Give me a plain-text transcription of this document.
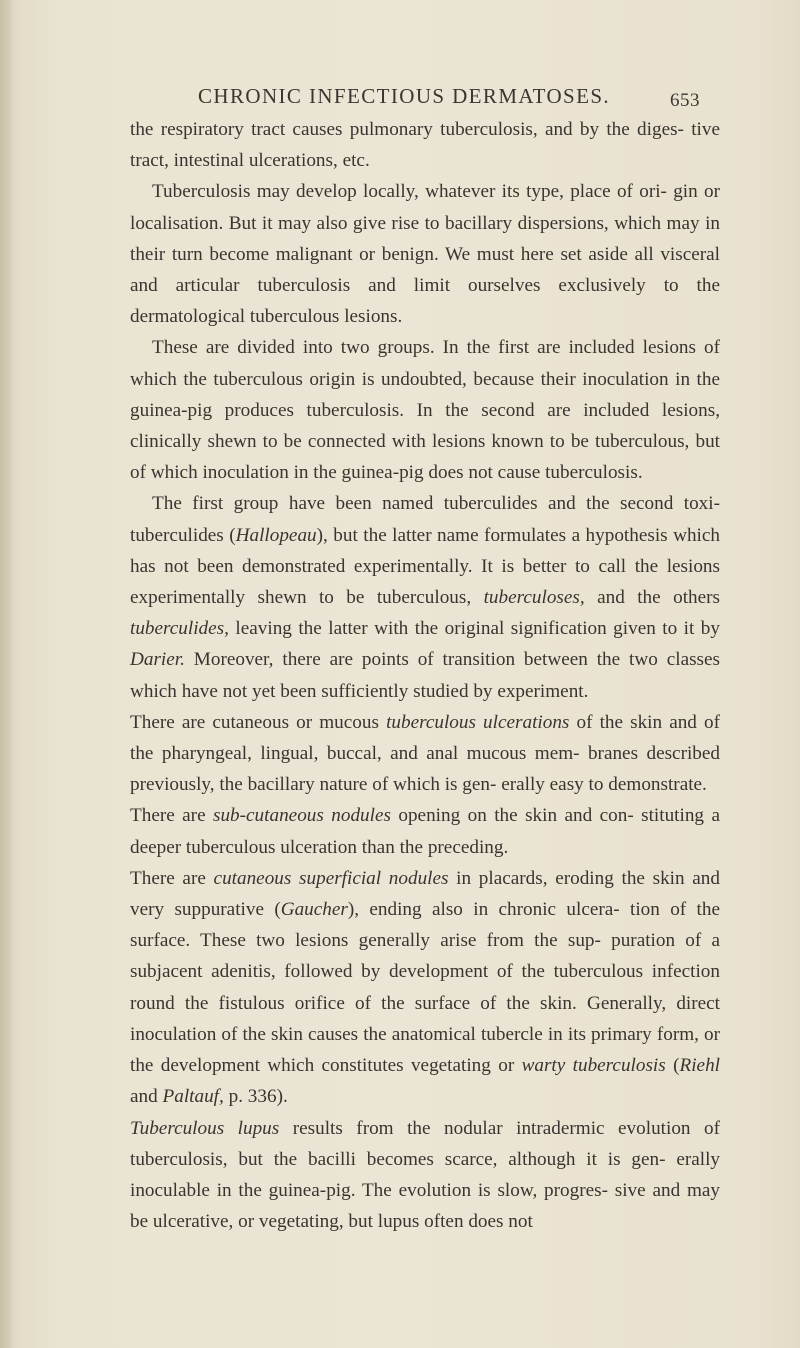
CHRONIC INFECTIOUS DERMATOSES.	653

the respiratory tract causes pulmonary tuberculosis, and by the diges- tive tract, intestinal ulcerations, etc.

Tuberculosis may develop locally, whatever its type, place of ori- gin or localisation. But it may also give rise to bacillary dispersions, which may in their turn become malignant or benign. We must here set aside all visceral and articular tuberculosis and limit ourselves exclusively to the dermatological tuberculous lesions.

These are divided into two groups. In the first are included lesions of which the tuberculous origin is undoubted, because their inoculation in the guinea-pig produces tuberculosis. In the second are included lesions, clinically shewn to be connected with lesions known to be tuberculous, but of which inoculation in the guinea-pig does not cause tuberculosis.

The first group have been named tuberculides and the second toxi-tuberculides (Hallopeau), but the latter name formulates a hypothesis which has not been demonstrated experimentally. It is better to call the lesions experimentally shewn to be tuberculous, tuberculoses, and the others tuberculides, leaving the latter with the original signification given to it by Darier. Moreover, there are points of transition between the two classes which have not yet been sufficiently studied by experiment.

There are cutaneous or mucous tuberculous ulcerations of the skin and of the pharyngeal, lingual, buccal, and anal mucous mem- branes described previously, the bacillary nature of which is gen- erally easy to demonstrate.

There are sub-cutaneous nodules opening on the skin and con- stituting a deeper tuberculous ulceration than the preceding.

There are cutaneous superficial nodules in placards, eroding the skin and very suppurative (Gaucher), ending also in chronic ulcera- tion of the surface. These two lesions generally arise from the sup- puration of a subjacent adenitis, followed by development of the tuberculous infection round the fistulous orifice of the surface of the skin. Generally, direct inoculation of the skin causes the anatomical tubercle in its primary form, or the development which constitutes vegetating or warty tuberculosis (Riehl and Paltauf, p. 336).

Tuberculous lupus results from the nodular intradermic evolution of tuberculosis, but the bacilli becomes scarce, although it is gen- erally inoculable in the guinea-pig. The evolution is slow, progres- sive and may be ulcerative, or vegetating, but lupus often does not
